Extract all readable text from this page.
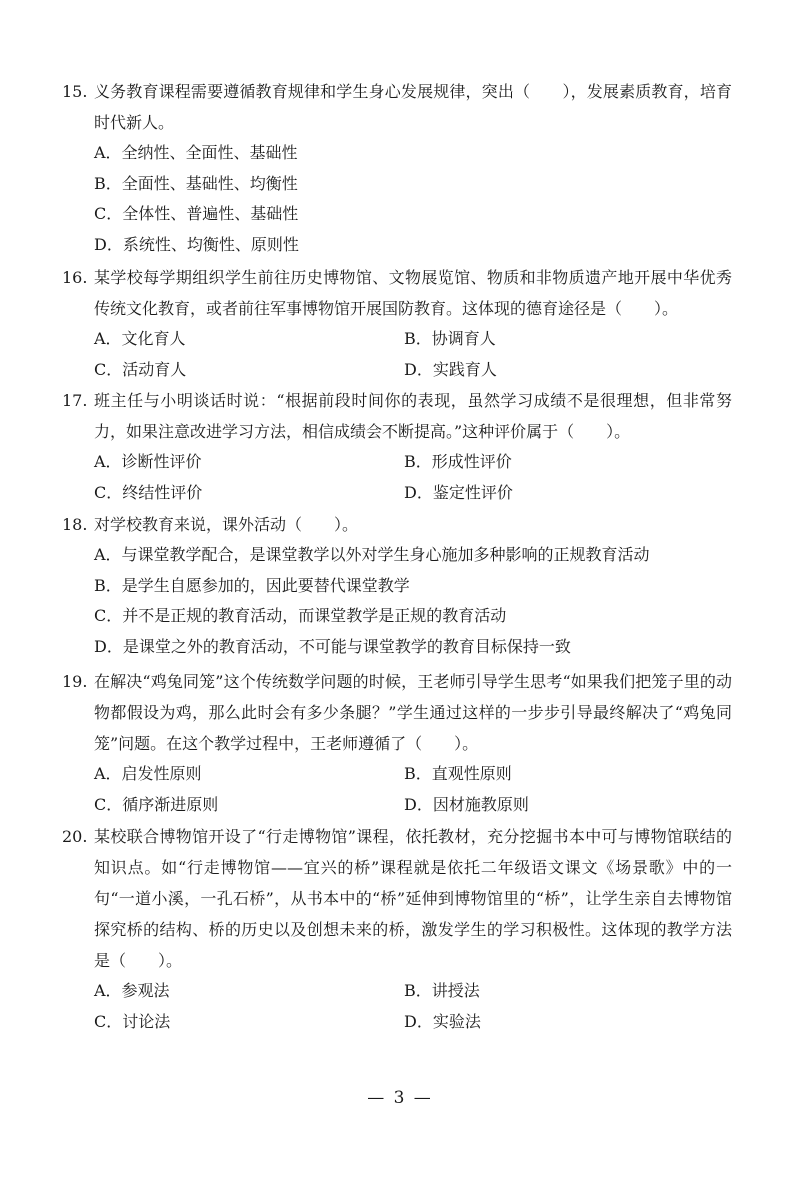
15. 义务教育课程需要遵循教育规律和学生身心发展规律，突出（　　），发展素质教育，培育时代新人。
A．全纳性、全面性、基础性
B．全面性、基础性、均衡性
C．全体性、普遍性、基础性
D．系统性、均衡性、原则性
16. 某学校每学期组织学生前往历史博物馆、文物展览馆、物质和非物质遗产地开展中华优秀传统文化教育，或者前往军事博物馆开展国防教育。这体现的德育途径是（　　）。
A．文化育人	B．协调育人
C．活动育人	D．实践育人
17. 班主任与小明谈话时说：“根据前段时间你的表现，虽然学习成绩不是很理想，但非常努力，如果注意改进学习方法，相信成绩会不断提高。”这种评价属于（　　）。
A．诊断性评价	B．形成性评价
C．终结性评价	D．鉴定性评价
18. 对学校教育来说，课外活动（　　）。
A．与课堂教学配合，是课堂教学以外对学生身心施加多种影响的正规教育活动
B．是学生自愿参加的，因此要替代课堂教学
C．并不是正规的教育活动，而课堂教学是正规的教育活动
D．是课堂之外的教育活动，不可能与课堂教学的教育目标保持一致
19. 在解决“鸡兔同笼”这个传统数学问题的时候，王老师引导学生思考“如果我们把笼子里的动物都假设为鸡，那么此时会有多少条腿？”学生通过这样的一步步引导最终解决了“鸡兔同笼”问题。在这个教学过程中，王老师遵循了（　　）。
A．启发性原则	B．直观性原则
C．循序渐进原则	D．因材施教原则
20. 某校联合博物馆开设了“行走博物馆”课程，依托教材，充分挖掘书本中可与博物馆联结的知识点。如“行走博物馆——宜兴的桥”课程就是依托二年级语文课文《场景歌》中的一句“一道小溪，一孔石桥”，从书本中的“桥”延伸到博物馆里的“桥”，让学生亲自去博物馆探究桥的结构、桥的历史以及创想未来的桥，激发学生的学习积极性。这体现的教学方法是（　　）。
A．参观法	B．讲授法
C．讨论法	D．实验法
— 3 —
